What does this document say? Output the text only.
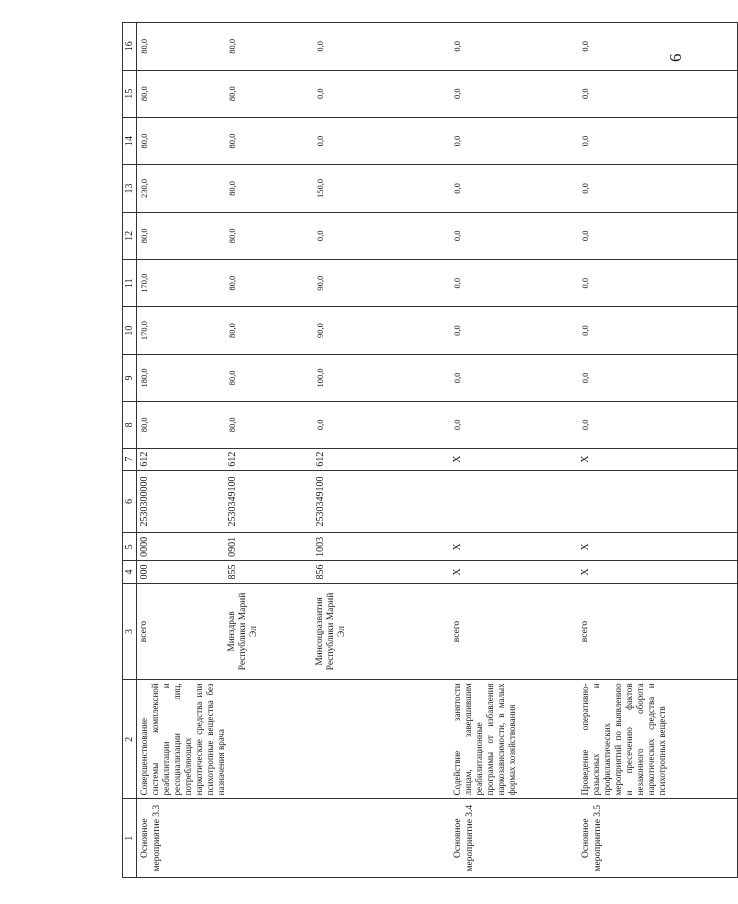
6
1	2	3	4	5	6	7	8	9	10	11	12	13	14	15	16
Основное мероприятие 3.3	Совершенствование системы комплексной реабилитации и ресоциализации лиц, потребляющих наркотические средства или психотропные вещества без назначения врача	всего	000	0000	2530300000	612	80,0	180,0	170,0	170,0	80,0	230,0	80,0	80,0	80,0
		Минздрав Республики Марий Эл	855	0901	2530349100	612	80,0	80,0	80,0	80,0	80,0	80,0	80,0	80,0	80,0
		Минсоцразвития Республики Марий Эл	856	1003	2530349100	612	0,0	100,0	90,0	90,0	0,0	150,0	0,0	0,0	0,0
Основное мероприятие 3.4	Содействие занятости лицам, завершившим реабилитационные программы от избавления наркозависимости, в малых формах хозяйствования	всего	Х	Х		Х	0,0	0,0	0,0	0,0	0,0	0,0	0,0	0,0	0,0
Основное мероприятие 3.5	Проведение оперативно-разыскных и профилактических мероприятий по выявлению и пресечению фактов незаконного оборота наркотических средства и психотропных веществ	всего	Х	Х		Х	0,0	0,0	0,0	0,0	0,0	0,0	0,0	0,0	0,0
